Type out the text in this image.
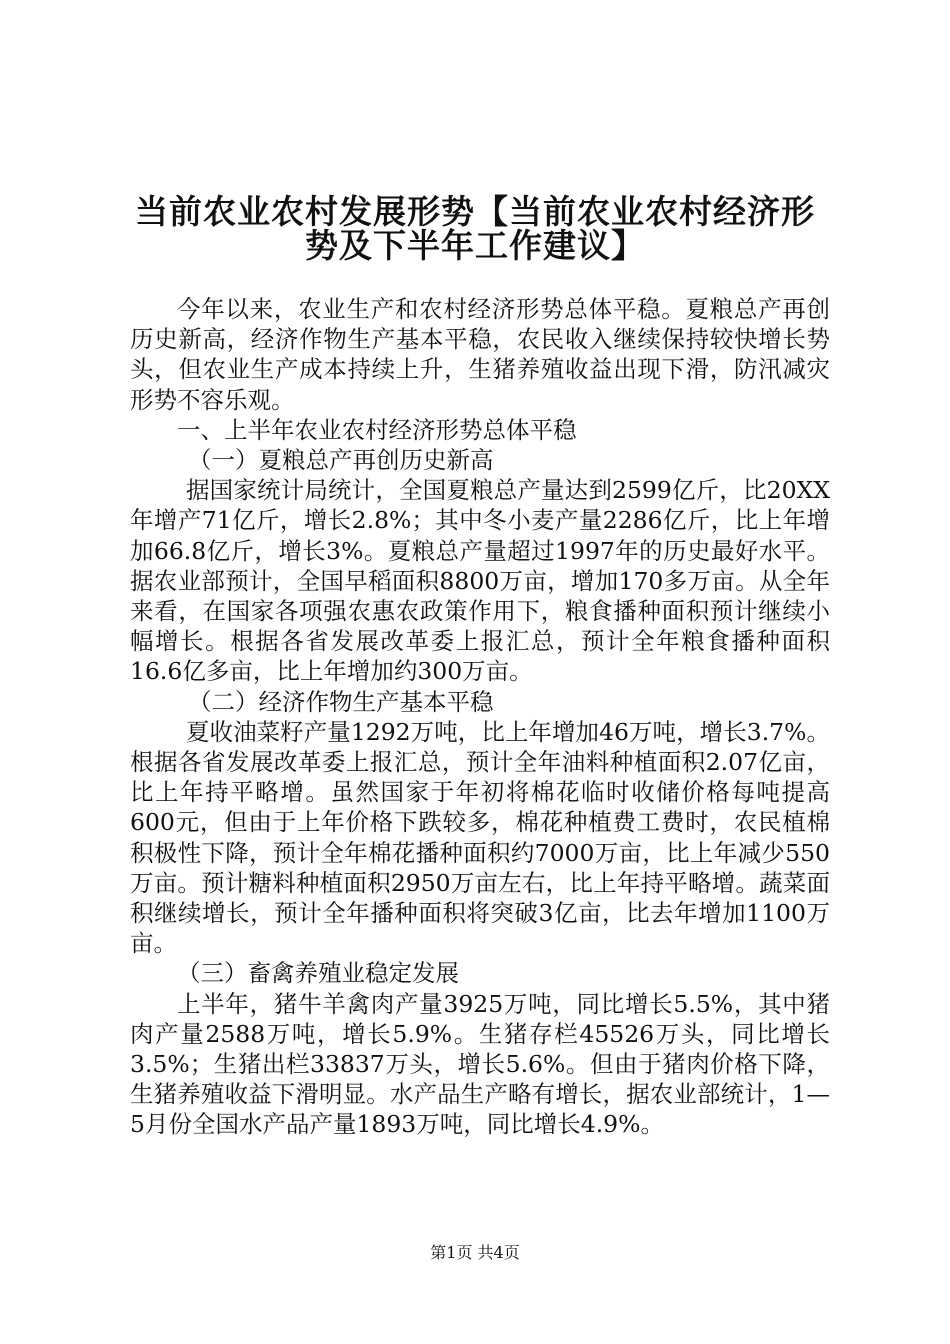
当前农业农村发展形势【当前农业农村经济形
势及下半年工作建议】

今年以来，农业生产和农村经济形势总体平稳。夏粮总产再创历史新高，经济作物生产基本平稳，农民收入继续保持较快增长势头，但农业生产成本持续上升，生猪养殖收益出现下滑，防汛减灾形势不容乐观。

一、上半年农业农村经济形势总体平稳

（一）夏粮总产再创历史新高

据国家统计局统计，全国夏粮总产量达到2599亿斤，比20XX年增产71亿斤，增长2.8%；其中冬小麦产量2286亿斤，比上年增加66.8亿斤，增长3%。夏粮总产量超过1997年的历史最好水平。据农业部预计，全国早稻面积8800万亩，增加170多万亩。从全年来看，在国家各项强农惠农政策作用下，粮食播种面积预计继续小幅增长。根据各省发展改革委上报汇总，预计全年粮食播种面积16.6亿多亩，比上年增加约300万亩。

（二）经济作物生产基本平稳

夏收油菜籽产量1292万吨，比上年增加46万吨，增长3.7%。根据各省发展改革委上报汇总，预计全年油料种植面积2.07亿亩，比上年持平略增。虽然国家于年初将棉花临时收储价格每吨提高600元，但由于上年价格下跌较多，棉花种植费工费时，农民植棉积极性下降，预计全年棉花播种面积约7000万亩，比上年减少550万亩。预计糖料种植面积2950万亩左右，比上年持平略增。蔬菜面积继续增长，预计全年播种面积将突破3亿亩，比去年增加1100万亩。

（三）畜禽养殖业稳定发展

上半年，猪牛羊禽肉产量3925万吨，同比增长5.5%，其中猪肉产量2588万吨，增长5.9%。生猪存栏45526万头，同比增长3.5%；生猪出栏33837万头，增长5.6%。但由于猪肉价格下降，生猪养殖收益下滑明显。水产品生产略有增长，据农业部统计，1—5月份全国水产品产量1893万吨，同比增长4.9%。

第1页 共4页
